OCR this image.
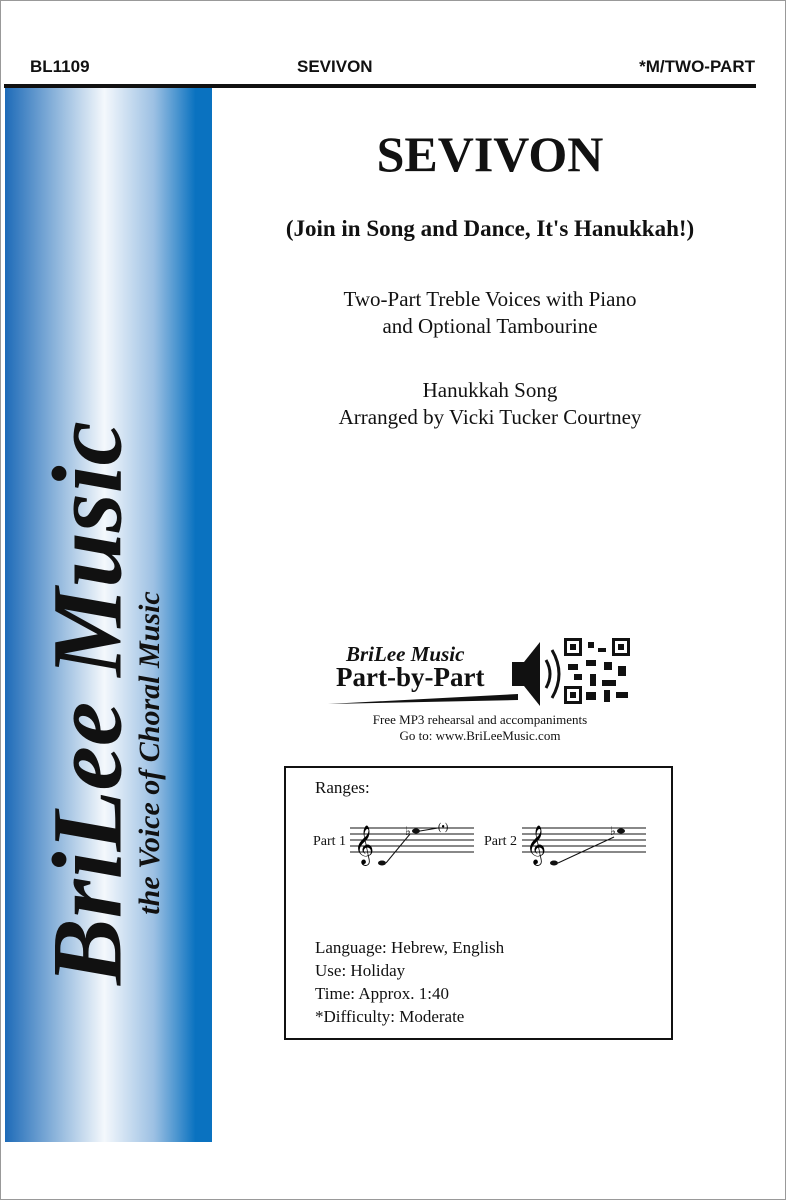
BL1109	SEVIVON	*M/TWO-PART
BriLee Music
the Voice of Choral Music
SEVIVON
(Join in Song and Dance, It's Hanukkah!)
Two-Part Treble Voices with Piano
and Optional Tambourine
Hanukkah Song
Arranged by Vicki Tucker Courtney
BriLee Music
Part-by-Part
Free MP3 rehearsal and accompaniments
Go to: www.BriLeeMusic.com
Ranges:
Part 1	Part 2
𝄞	♭	(•) 𝄞	♭
Language: Hebrew, English
Use: Holiday
Time: Approx. 1:40
*Difficulty: Moderate
